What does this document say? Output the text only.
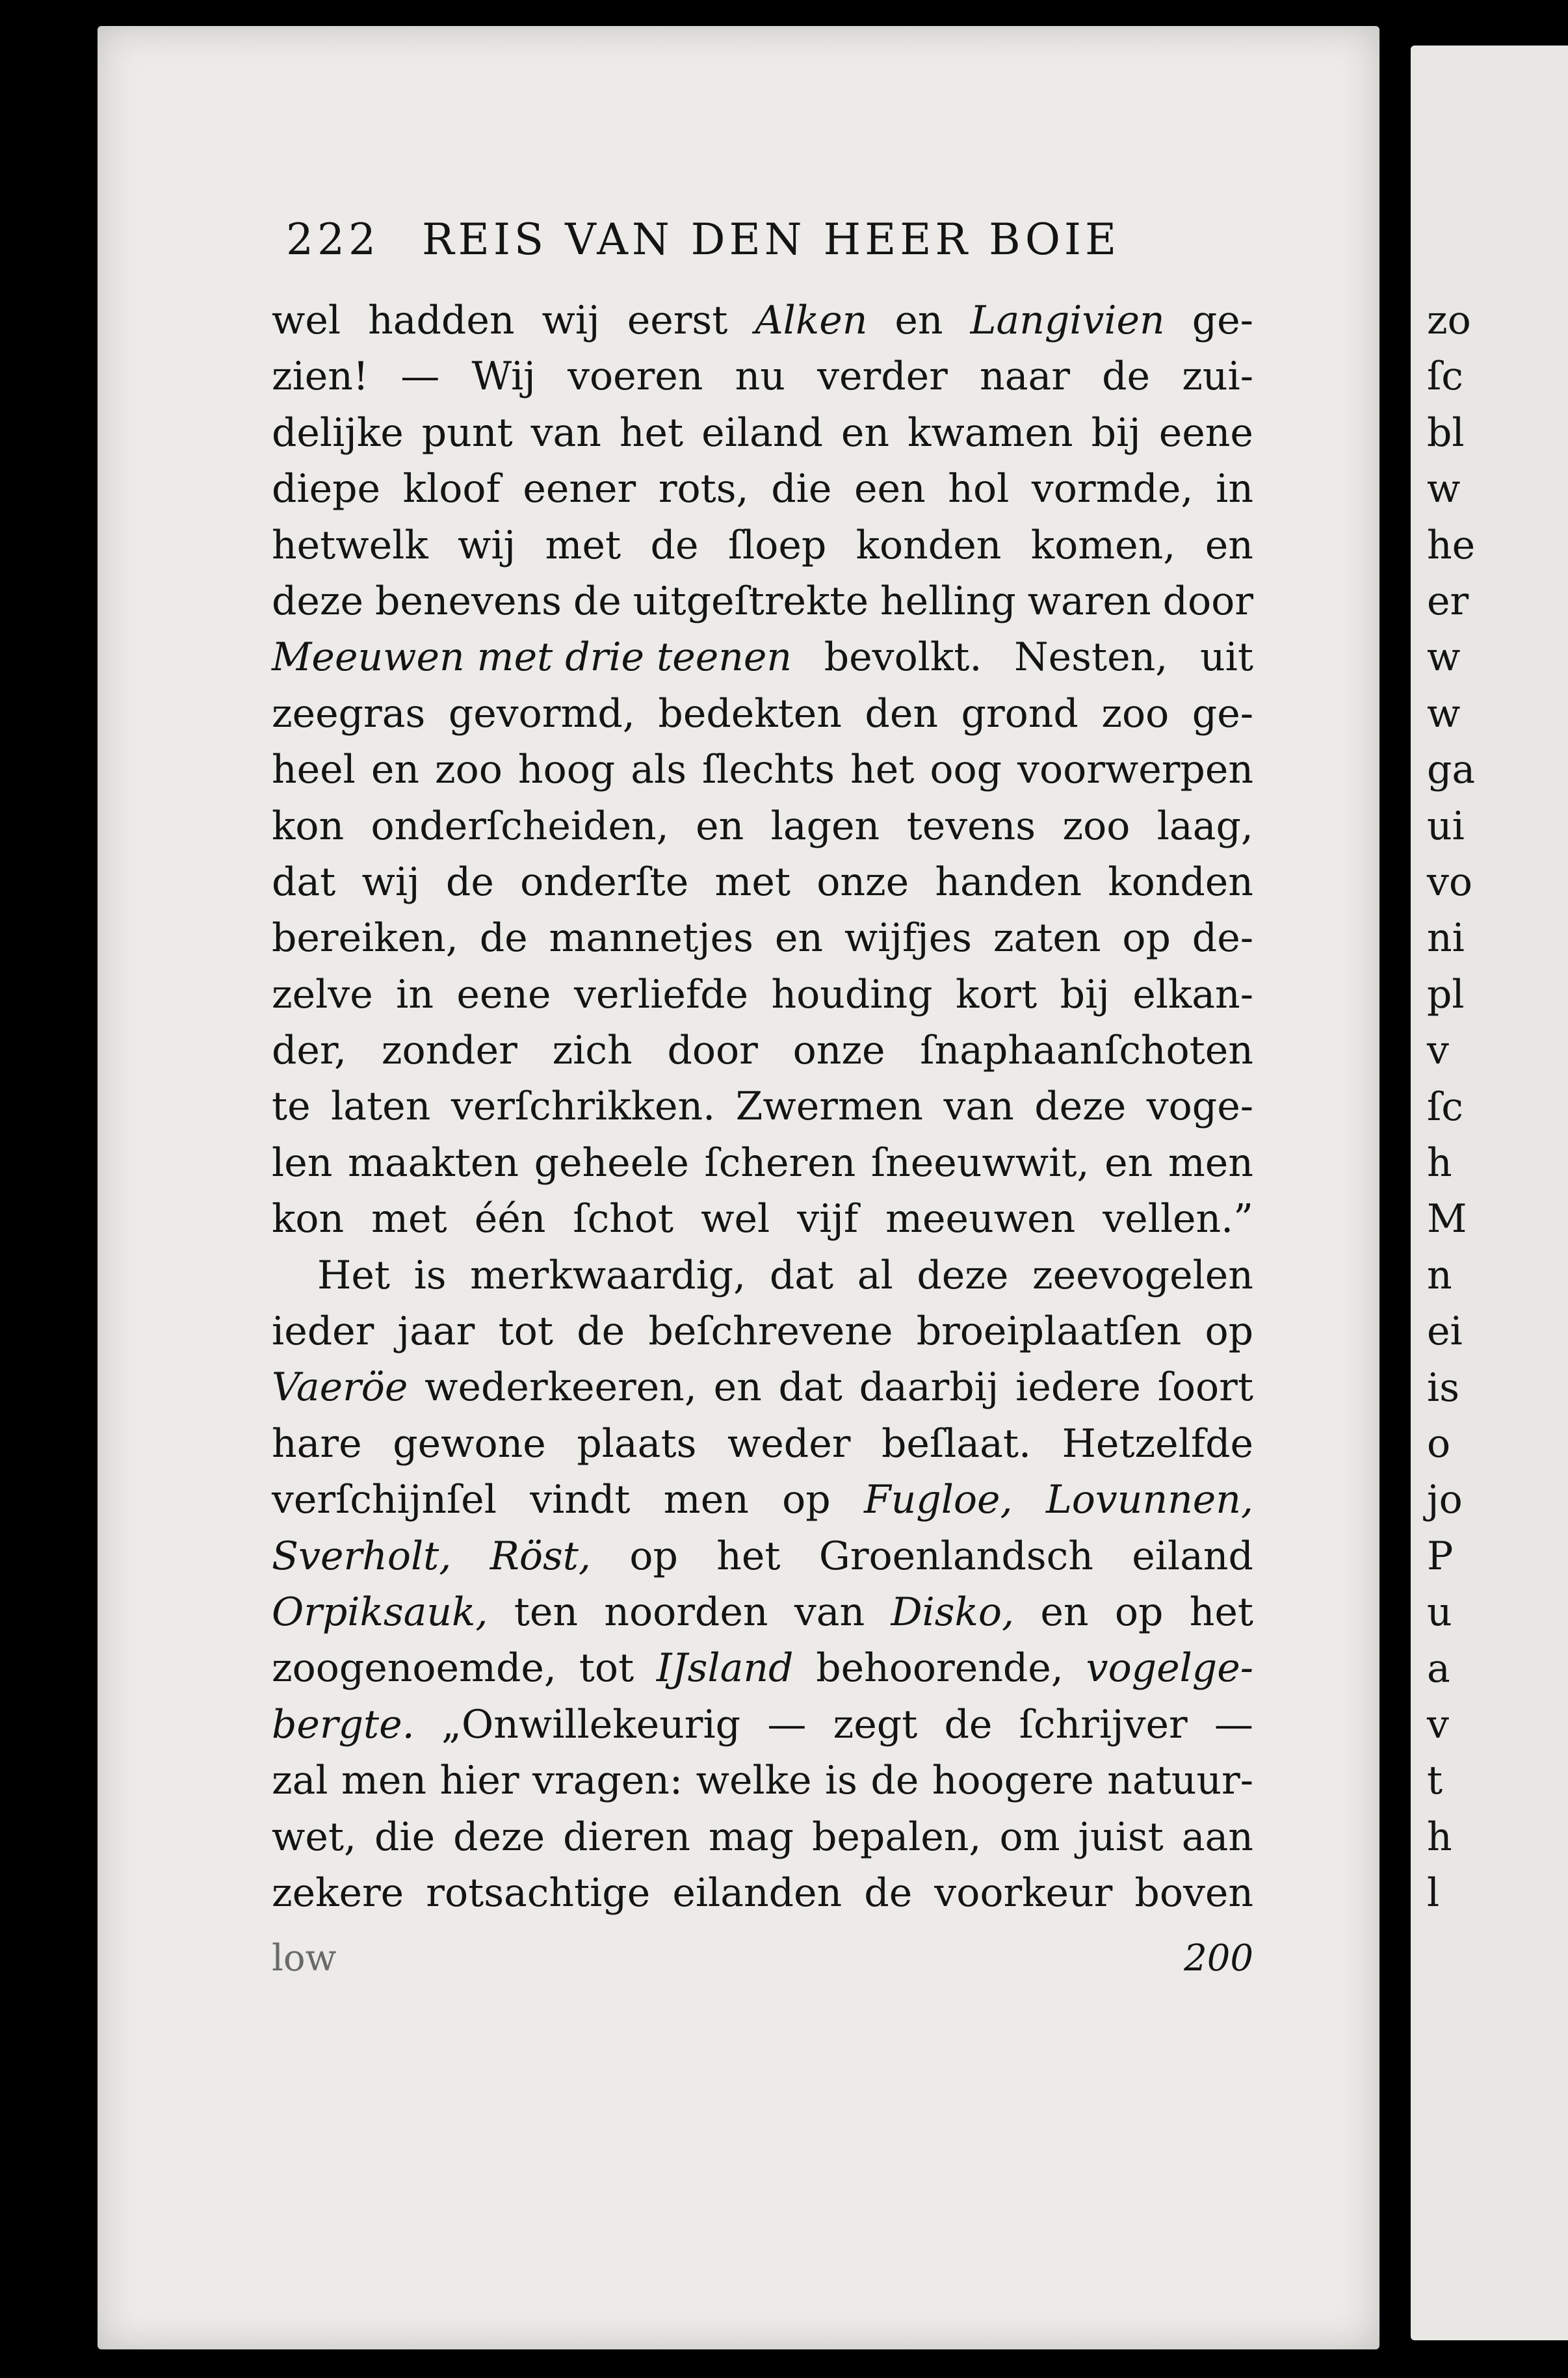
222 REIS VAN DEN HEER BOIE
wel hadden wij eerst Alken en Langivien ge-
zien! — Wij voeren nu verder naar de zui-
delijke punt van het eiland en kwamen bij eene
diepe kloof eener rots, die een hol vormde, in
hetwelk wij met de ſloep konden komen, en
deze benevens de uitgeſtrekte helling waren door
Meeuwen met drie teenen bevolkt. Nesten, uit
zeegras gevormd, bedekten den grond zoo ge-
heel en zoo hoog als ſlechts het oog voorwerpen
kon onderſcheiden, en lagen tevens zoo laag,
dat wij de onderſte met onze handen konden
bereiken, de mannetjes en wijfjes zaten op de-
zelve in eene verliefde houding kort bij elkan-
der, zonder zich door onze ſnaphaanſchoten
te laten verſchrikken. Zwermen van deze voge-
len maakten geheele ſcheren ſneeuwwit, en men
kon met één ſchot wel vijf meeuwen vellen.”
Het is merkwaardig, dat al deze zeevogelen
ieder jaar tot de beſchrevene broeiplaatſen op
Vaeröe wederkeeren, en dat daarbij iedere ſoort
hare gewone plaats weder beſlaat. Hetzelfde
verſchijnſel vindt men op Fugloe, Lovunnen,
Sverholt, Röst, op het Groenlandsch eiland
Orpiksauk, ten noorden van Disko, en op het
zoogenoemde, tot IJsland behoorende, vogelge-
bergte. „Onwillekeurig — zegt de ſchrijver —
zal men hier vragen: welke is de hoogere natuur-
wet, die deze dieren mag bepalen, om juist aan
zekere rotsachtige eilanden de voorkeur boven
low	200
zo
ſc
bl
w
he
er
w
w
ga
ui
vo
ni
pl
v
ſc
h
M
n
ei
is
o
jo
P
u
a
v
t
h
l
